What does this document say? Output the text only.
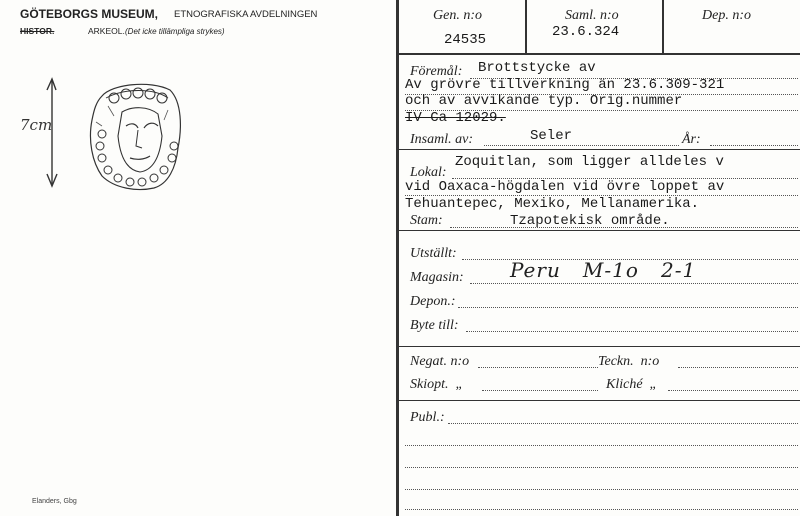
GÖTEBORGS MUSEUM, ETNOGRAFISKA AVDELNINGEN
HISTOR.	ARKEOL. (Det icke tillämpliga strykes)
7cm
Elanders, Gbg
Gen. n:o
24535
Saml. n:o
23.6.324
Dep. n:o
Föremål: Brottstycke av
Av grövre tillverkning än 23.6.309-321
och av avvikande typ. Orig.nummer
IV Ca 12029.
Insaml. av:	Seler	År:
Lokal:
Zoquitlan, som ligger alldeles v
vid Oaxaca-högdalen vid övre loppet av
Tehuantepec, Mexiko, Mellanamerika.
Stam:	Tzapotekisk område.
Utställt:
Magasin: Peru   M-1o   2-1
Depon.:
Byte till:
Negat. n:o	Teckn.  n:o
Skiopt.  „	Kliché  „
Publ.:
